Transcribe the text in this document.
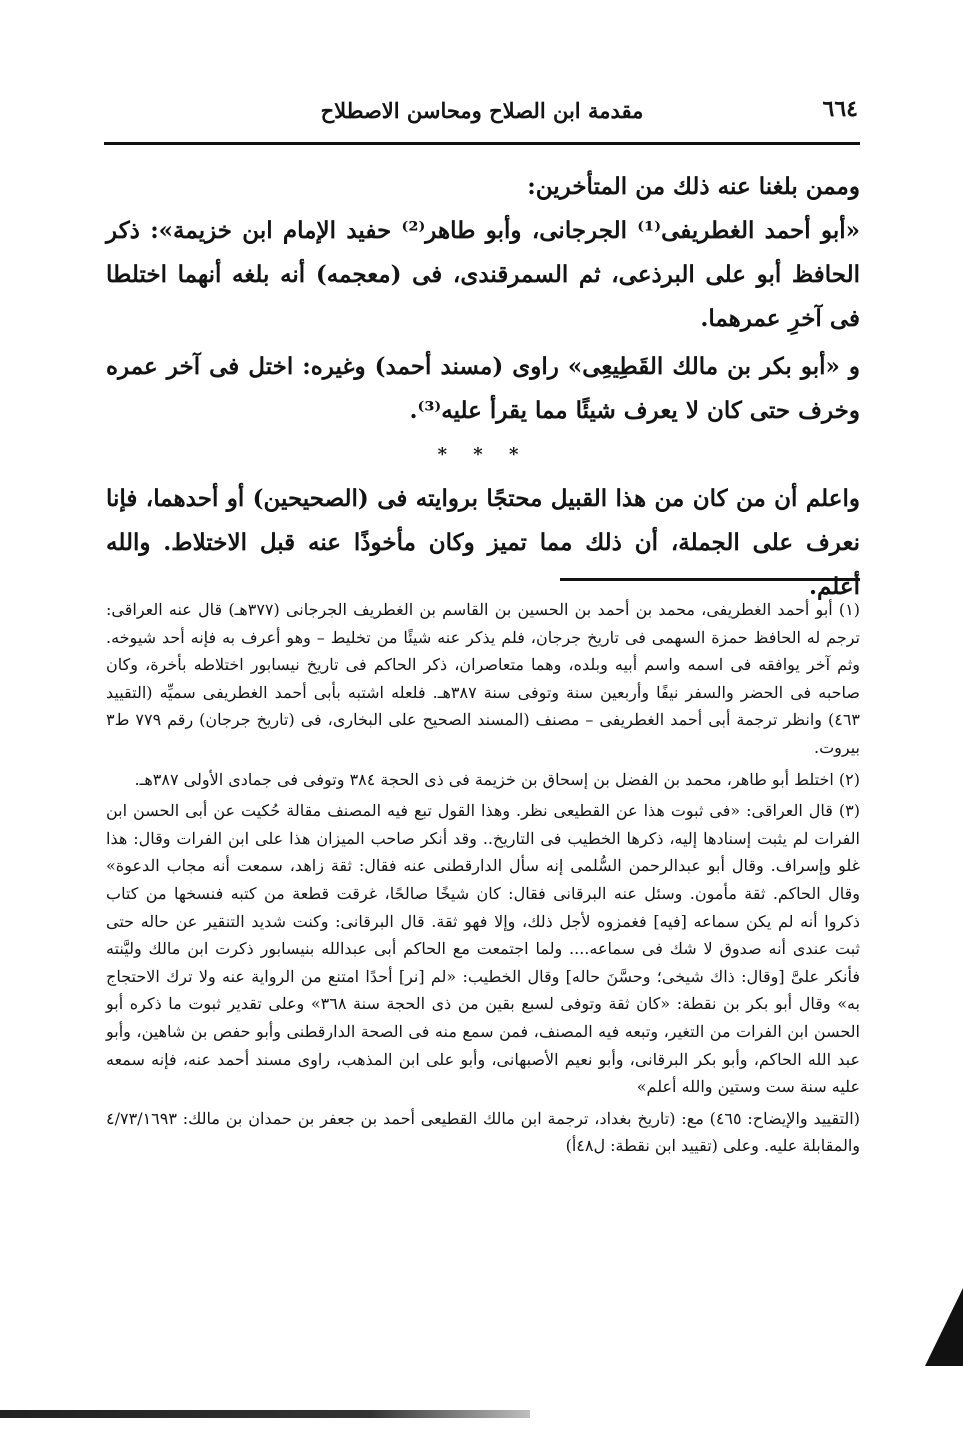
٦٦٤
مقدمة ابن الصلاح ومحاسن الاصطلاح

وممن بلغنا عنه ذلك من المتأخرين:

«أبو أحمد الغطريفى⁽¹⁾ الجرجانى، وأبو طاهر⁽²⁾ حفيد الإمام ابن خزيمة»: ذكر الحافظ أبو على البرذعى، ثم السمرقندى، فى (معجمه) أنه بلغه أنهما اختلطا فى آخرِ عمرهما.

و «أبو بكر بن مالك القَطِيعِى» راوى (مسند أحمد) وغيره: اختل فى آخر عمره وخرف حتى كان لا يعرف شيئًا مما يقرأ عليه⁽³⁾.

* * *

واعلم أن من كان من هذا القبيل محتجًا بروايته فى (الصحيحين) أو أحدهما، فإنا نعرف على الجملة، أن ذلك مما تميز وكان مأخوذًا عنه قبل الاختلاط. والله أعلم.

(١) أبو أحمد الغطريفى، محمد بن أحمد بن الحسين بن القاسم بن الغطريف الجرجانى (٣٧٧هـ) قال عنه العراقى: ترجم له الحافظ حمزة السهمى فى تاريخ جرجان، فلم يذكر عنه شيئًا من تخليط – وهو أعرف به فإنه أحد شيوخه. وثم آخر يوافقه فى اسمه واسم أبيه وبلده، وهما متعاصران، ذكر الحاكم فى تاريخ نيسابور اختلاطه بأخرة، وكان صاحبه فى الحضر والسفر نيفًا وأربعين سنة وتوفى سنة ٣٨٧هـ. فلعله اشتبه بأبى أحمد الغطريفى سميِّه (التقييد ٤٦٣) وانظر ترجمة أبى أحمد الغطريفى – مصنف (المسند الصحيح على البخارى، فى (تاريخ جرجان) رقم ٧٧٩ ط٣ بيروت.

(٢) اختلط أبو طاهر، محمد بن الفضل بن إسحاق بن خزيمة فى ذى الحجة ٣٨٤ وتوفى فى جمادى الأولى ٣٨٧هـ.

(٣) قال العراقى: «فى ثبوت هذا عن القطيعى نظر. وهذا القول تبع فيه المصنف مقالة حُكيت عن أبى الحسن ابن الفرات لم يثبت إسنادها إليه، ذكرها الخطيب فى التاريخ.. وقد أنكر صاحب الميزان هذا على ابن الفرات وقال: هذا غلو وإسراف. وقال أبو عبدالرحمن السُّلمى إنه سأل الدارقطنى عنه فقال: ثقة زاهد، سمعت أنه مجاب الدعوة» وقال الحاكم. ثقة مأمون. وسئل عنه البرقانى فقال: كان شيخًا صالحًا، غرقت قطعة من كتبه فنسخها من كتاب ذكروا أنه لم يكن سماعه [فيه] فغمزوه لأجل ذلك، وإلا فهو ثقة. قال البرقانى: وكنت شديد التنقير عن حاله حتى ثبت عندى أنه صدوق لا شك فى سماعه.... ولما اجتمعت مع الحاكم أبى عبدالله بنيسابور ذكرت ابن مالك وليَّنته فأنكر علىَّ [وقال: ذاك شيخى؛ وحسَّنَ حاله] وقال الخطيب: «لم [نر] أحدًا امتنع من الرواية عنه ولا ترك الاحتجاج به» وقال أبو بكر بن نقطة: «كان ثقة وتوفى لسبع بقين من ذى الحجة سنة ٣٦٨» وعلى تقدير ثبوت ما ذكره أبو الحسن ابن الفرات من التغير، وتبعه فيه المصنف، فمن سمع منه فى الصحة الدارقطنى وأبو حفص بن شاهين، وأبو عبد الله الحاكم، وأبو بكر البرقانى، وأبو نعيم الأصبهانى، وأبو على ابن المذهب، راوى مسند أحمد عنه، فإنه سمعه عليه سنة ست وستين والله أعلم»

(التقييد والإيضاح: ٤٦٥) مع: (تاريخ بغداد، ترجمة ابن مالك القطيعى أحمد بن جعفر بن حمدان بن مالك: ٤/٧٣/١٦٩٣ والمقابلة عليه. وعلى (تقييد ابن نقطة: ل٤٨أ)
